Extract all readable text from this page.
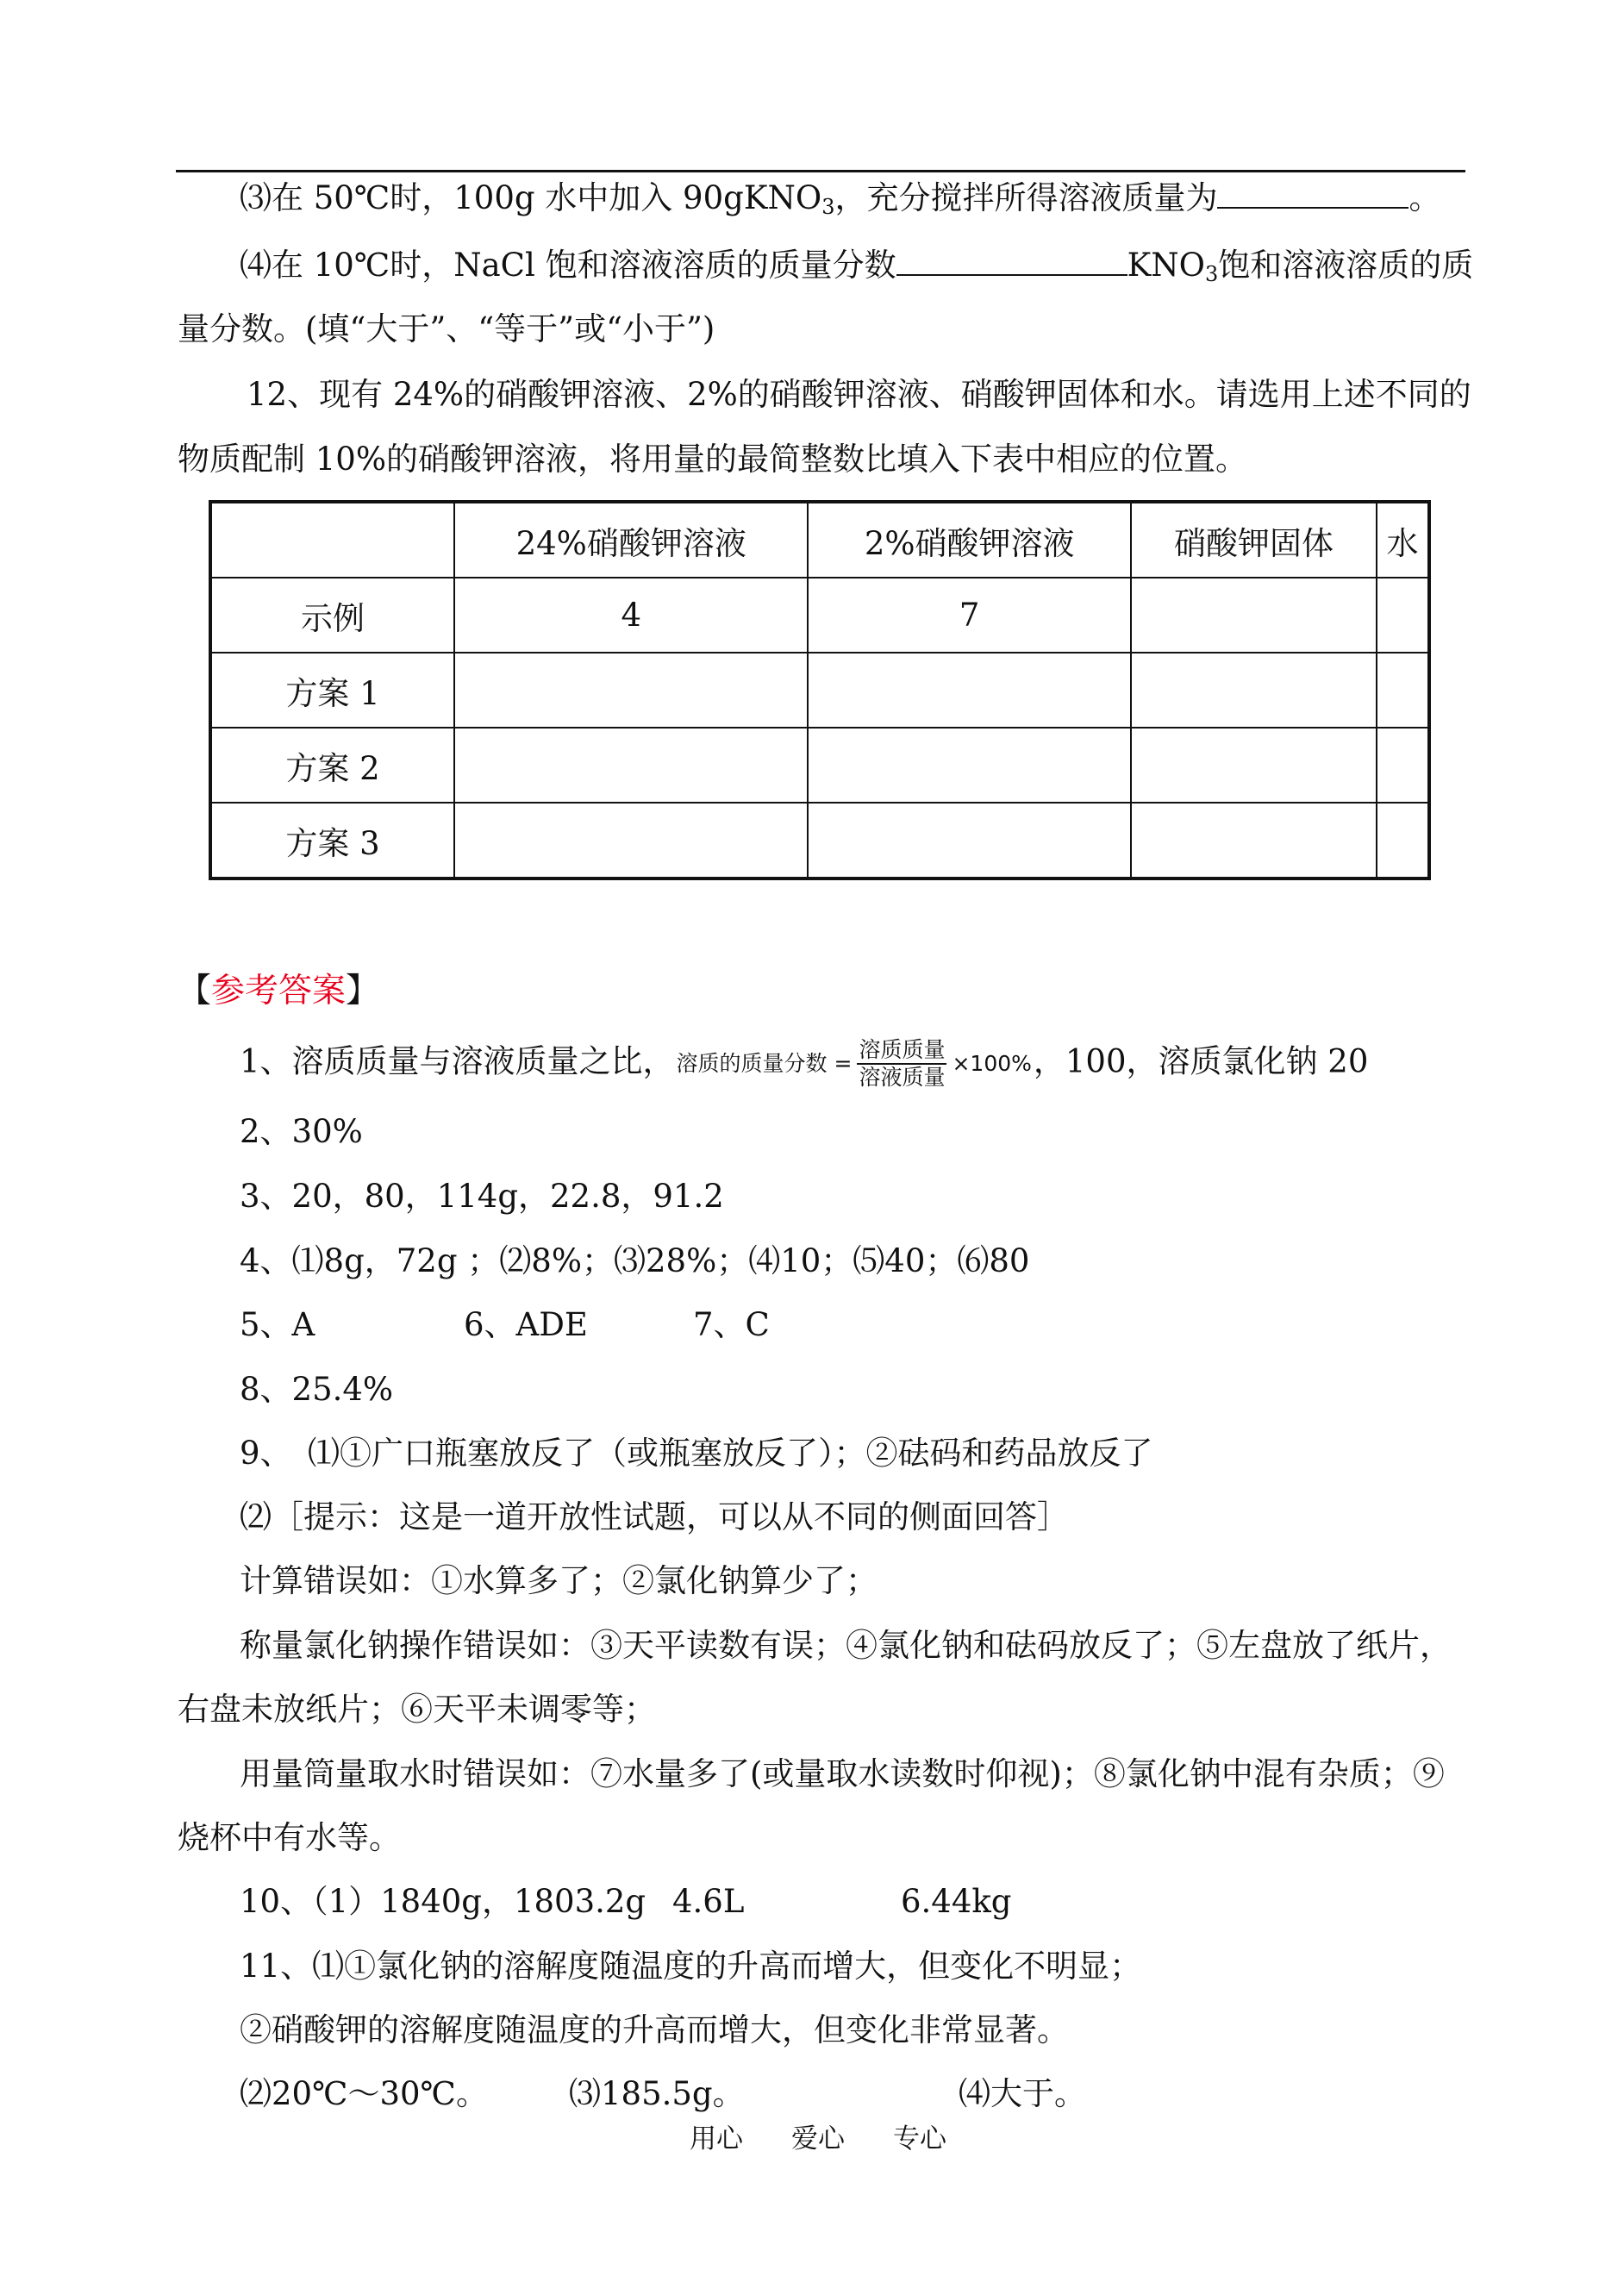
⑶在 50℃时，100g 水中加入 90gKNO$_3$，充分搅拌所得溶液质量为	。
⑷在 10℃时，NaCl 饱和溶液溶质的质量分数	$KNO_3$饱和溶液溶质的质
量分数。(填“大于”、“等于”或“小于”)
12、现有 24%的硝酸钾溶液、2%的硝酸钾溶液、硝酸钾固体和水。请选用上述不同的
物质配制 10%的硝酸钾溶液，将用量的最简整数比填入下表中相应的位置。
	24%硝酸钾溶液	2%硝酸钾溶液	硝酸钾固体	水
示例	4	7		
方案 1				
方案 2				
方案 3				
【参考答案】
1、溶质质量与溶液质量之比， 溶质的质量分数 = $\frac{\text{溶质质量}}{\text{溶液质量}} \times 100\%$ ，100，溶质氯化钠 20
2、30%
3、20，80，114g，22.8，91.2
4、⑴8g，72g ；⑵8%；⑶28%；⑷10；⑸40；⑹80
5、A	6、ADE	7、C
8、25.4%
9、　⑴①广口瓶塞放反了（或瓶塞放反了）；②砝码和药品放反了
⑵［提示：这是一道开放性试题，可以从不同的侧面回答］
计算错误如：①水算多了；②氯化钠算少了；
称量氯化钠操作错误如：③天平读数有误；④氯化钠和砝码放反了；⑤左盘放了纸片，
右盘未放纸片；⑥天平未调零等；
用量筒量取水时错误如：⑦水量多了(或量取水读数时仰视)；⑧氯化钠中混有杂质；⑨
烧杯中有水等。
10、（1）1840g，1803.2g 4.6L	6.44kg
11、⑴①氯化钠的溶解度随温度的升高而增大，但变化不明显；
②硝酸钾的溶解度随温度的升高而增大，但变化非常显著。
⑵20℃～30℃。	⑶185.5g。	⑷大于。
用心 爱心 专心
